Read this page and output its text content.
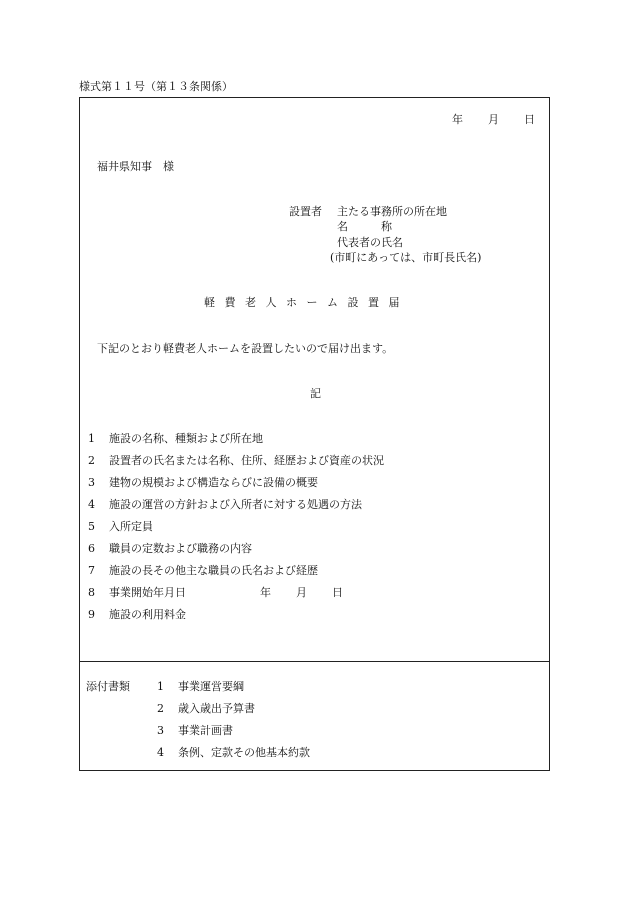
様式第１１号（第１３条関係）
年　　月　　日
福井県知事　様
設置者 主たる事務所の所在地
名　　　称
代表者の氏名
(市町にあっては、市町長氏名)
軽 費 老 人 ホ ー ム 設 置 届
下記のとおり軽費老人ホームを設置したいので届け出ます。
記
1 施設の名称、種類および所在地
2 設置者の氏名または名称、住所、経歴および資産の状況
3 建物の規模および構造ならびに設備の概要
4 施設の運営の方針および入所者に対する処遇の方法
5 入所定員
6 職員の定数および職務の内容
7 施設の長その他主な職員の氏名および経歴
8 事業開始年月日	年　　月　　日
9 施設の利用料金
添付書類 1 事業運営要綱
2 歳入歳出予算書
3 事業計画書
4 条例、定款その他基本約款
